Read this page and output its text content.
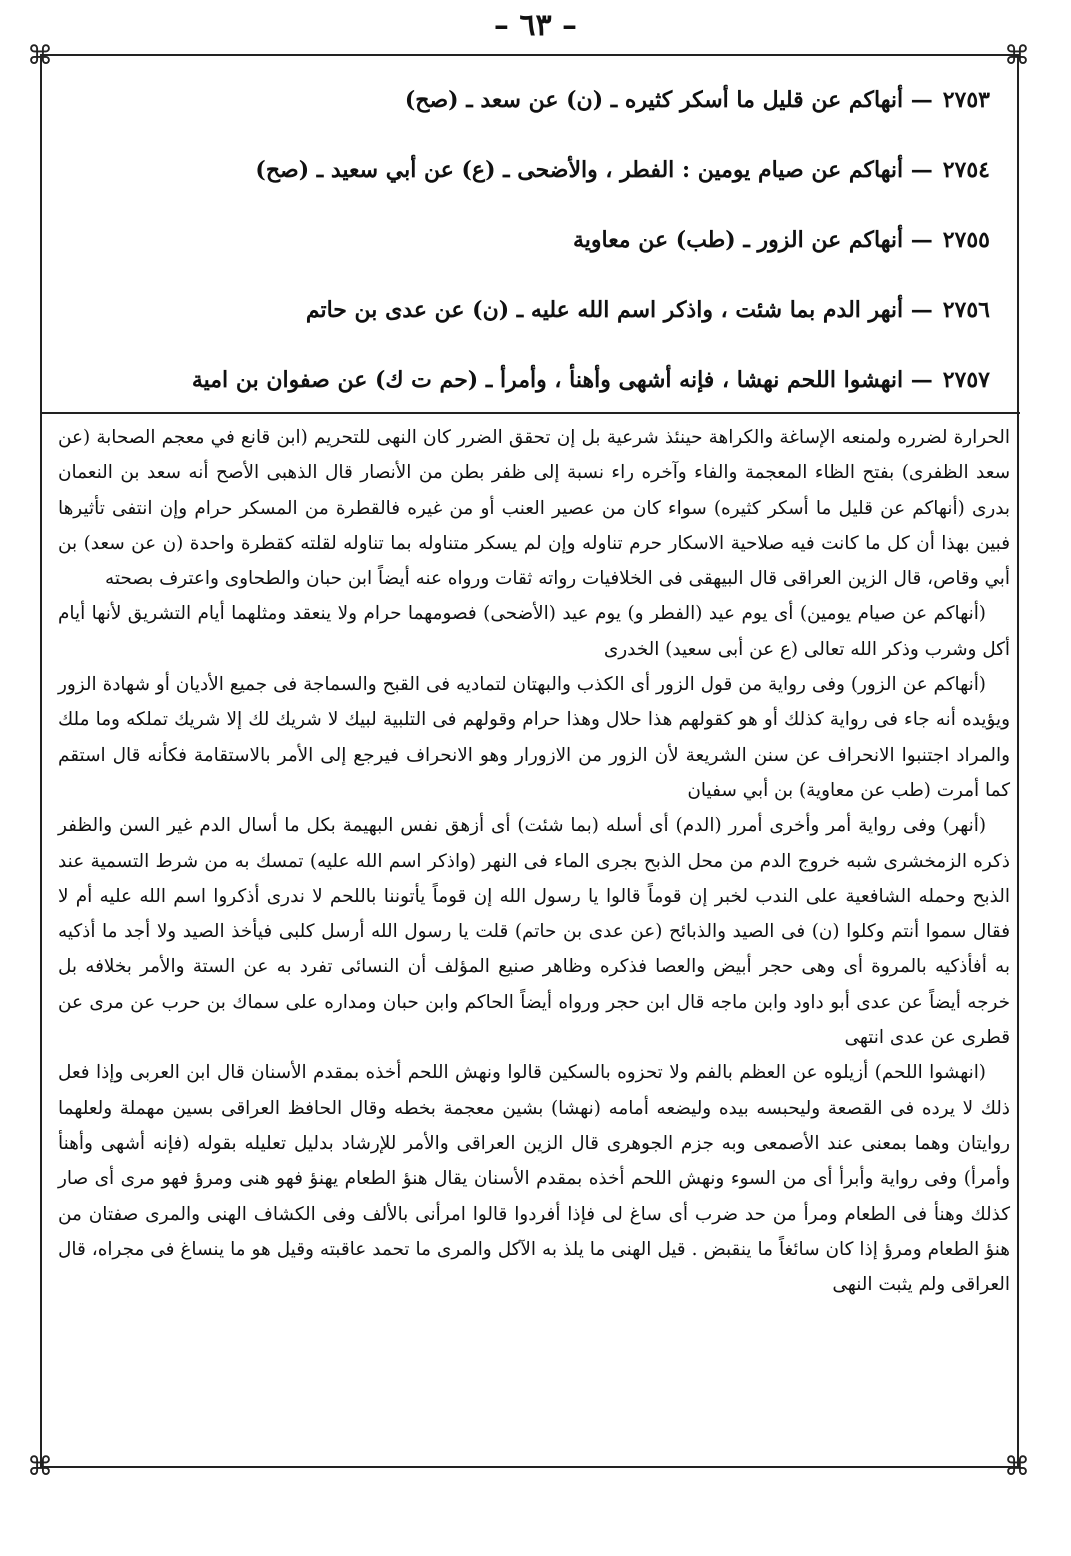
– ٦٣ –
⌘	⌘
⌘	⌘
٢٧٥٣— أنهاكم عن قليل ما أسكر كثيره ـ (ن) عن سعد ـ (صح)
٢٧٥٤— أنهاكم عن صيام يومين : الفطر ، والأضحى ـ (ع) عن أبي سعيد ـ (صح)
٢٧٥٥— أنهاكم عن الزور ـ (طب) عن معاوية
٢٧٥٦— أنهر الدم بما شئت ، واذكر اسم الله عليه ـ (ن) عن عدى بن حاتم
٢٧٥٧— انهشوا اللحم نهشا ، فإنه أشهى وأهنأ ، وأمرأ ـ (حم ت ك) عن صفوان بن امية

الحرارة لضرره ولمنعه الإساغة والكراهة حينئذ شرعية بل إن تحقق الضرر كان النهى للتحريم (ابن قانع في معجم الصحابة (عن سعد الظفرى) بفتح الظاء المعجمة والفاء وآخره راء نسبة إلى ظفر بطن من الأنصار قال الذهبى الأصح أنه سعد بن النعمان بدرى (أنهاكم عن قليل ما أسكر كثيره) سواء كان من عصير العنب أو من غيره فالقطرة من المسكر حرام وإن انتفى تأثيرها فبين بهذا أن كل ما كانت فيه صلاحية الاسكار حرم تناوله وإن لم يسكر متناوله بما تناوله لقلته كقطرة واحدة (ن عن سعد) بن أبي وقاص، قال الزين العراقى قال البيهقى فى الخلافيات رواته ثقات ورواه عنه أيضاً ابن حبان والطحاوى واعترف بصحته

(أنهاكم عن صيام يومين) أى يوم عيد (الفطر و) يوم عيد (الأضحى) فصومهما حرام ولا ينعقد ومثلهما أيام التشريق لأنها أيام أكل وشرب وذكر الله تعالى (ع عن أبى سعيد) الخدرى

(أنهاكم عن الزور) وفى رواية من قول الزور أى الكذب والبهتان لتماديه فى القبح والسماجة فى جميع الأديان أو شهادة الزور ويؤيده أنه جاء فى رواية كذلك أو هو كقولهم هذا حلال وهذا حرام وقولهم فى التلبية لبيك لا شريك لك إلا شريك تملكه وما ملك والمراد اجتنبوا الانحراف عن سنن الشريعة لأن الزور من الازورار وهو الانحراف فيرجع إلى الأمر بالاستقامة فكأنه قال استقم كما أمرت (طب عن معاوية) بن أبي سفيان

(أنهر) وفى رواية أمر وأخرى أمرر (الدم) أى أسله (بما شئت) أى أزهق نفس البهيمة بكل ما أسال الدم غير السن والظفر ذكره الزمخشرى شبه خروج الدم من محل الذبح بجرى الماء فى النهر (واذكر اسم الله عليه) تمسك به من شرط التسمية عند الذبح وحمله الشافعية على الندب لخبر إن قوماً قالوا يا رسول الله إن قوماً يأتوننا باللحم لا ندرى أذكروا اسم الله عليه أم لا فقال سموا أنتم وكلوا (ن) فى الصيد والذبائح (عن عدى بن حاتم) قلت يا رسول الله أرسل كلبى فيأخذ الصيد ولا أجد ما أذكيه به أفأذكيه بالمروة أى وهى حجر أبيض والعصا فذكره وظاهر صنيع المؤلف أن النسائى تفرد به عن الستة والأمر بخلافه بل خرجه أيضاً عن عدى أبو داود وابن ماجه قال ابن حجر ورواه أيضاً الحاكم وابن حبان ومداره على سماك بن حرب عن مرى عن قطرى عن عدى انتهى

(انهشوا اللحم) أزيلوه عن العظم بالفم ولا تحزوه بالسكين قالوا ونهش اللحم أخذه بمقدم الأسنان قال ابن العربى وإذا فعل ذلك لا يرده فى القصعة وليحبسه بيده وليضعه أمامه (نهشا) بشين معجمة بخطه وقال الحافظ العراقى بسين مهملة ولعلهما روايتان وهما بمعنى عند الأصمعى وبه جزم الجوهرى قال الزين العراقى والأمر للإرشاد بدليل تعليله بقوله (فإنه أشهى وأهنأ وأمرأ) وفى رواية وأبرأ أى من السوء ونهش اللحم أخذه بمقدم الأسنان يقال هنؤ الطعام يهنؤ فهو هنى ومرؤ فهو مرى أى صار كذلك وهنأ فى الطعام ومرأ من حد ضرب أى ساغ لى فإذا أفردوا قالوا امرأنى بالألف وفى الكشاف الهنى والمرى صفتان من هنؤ الطعام ومرؤ إذا كان سائغاً ما ينقبض . قيل الهنى ما يلذ به الآكل والمرى ما تحمد عاقبته وقيل هو ما ينساغ فى مجراه، قال العراقى ولم يثبت النهى
